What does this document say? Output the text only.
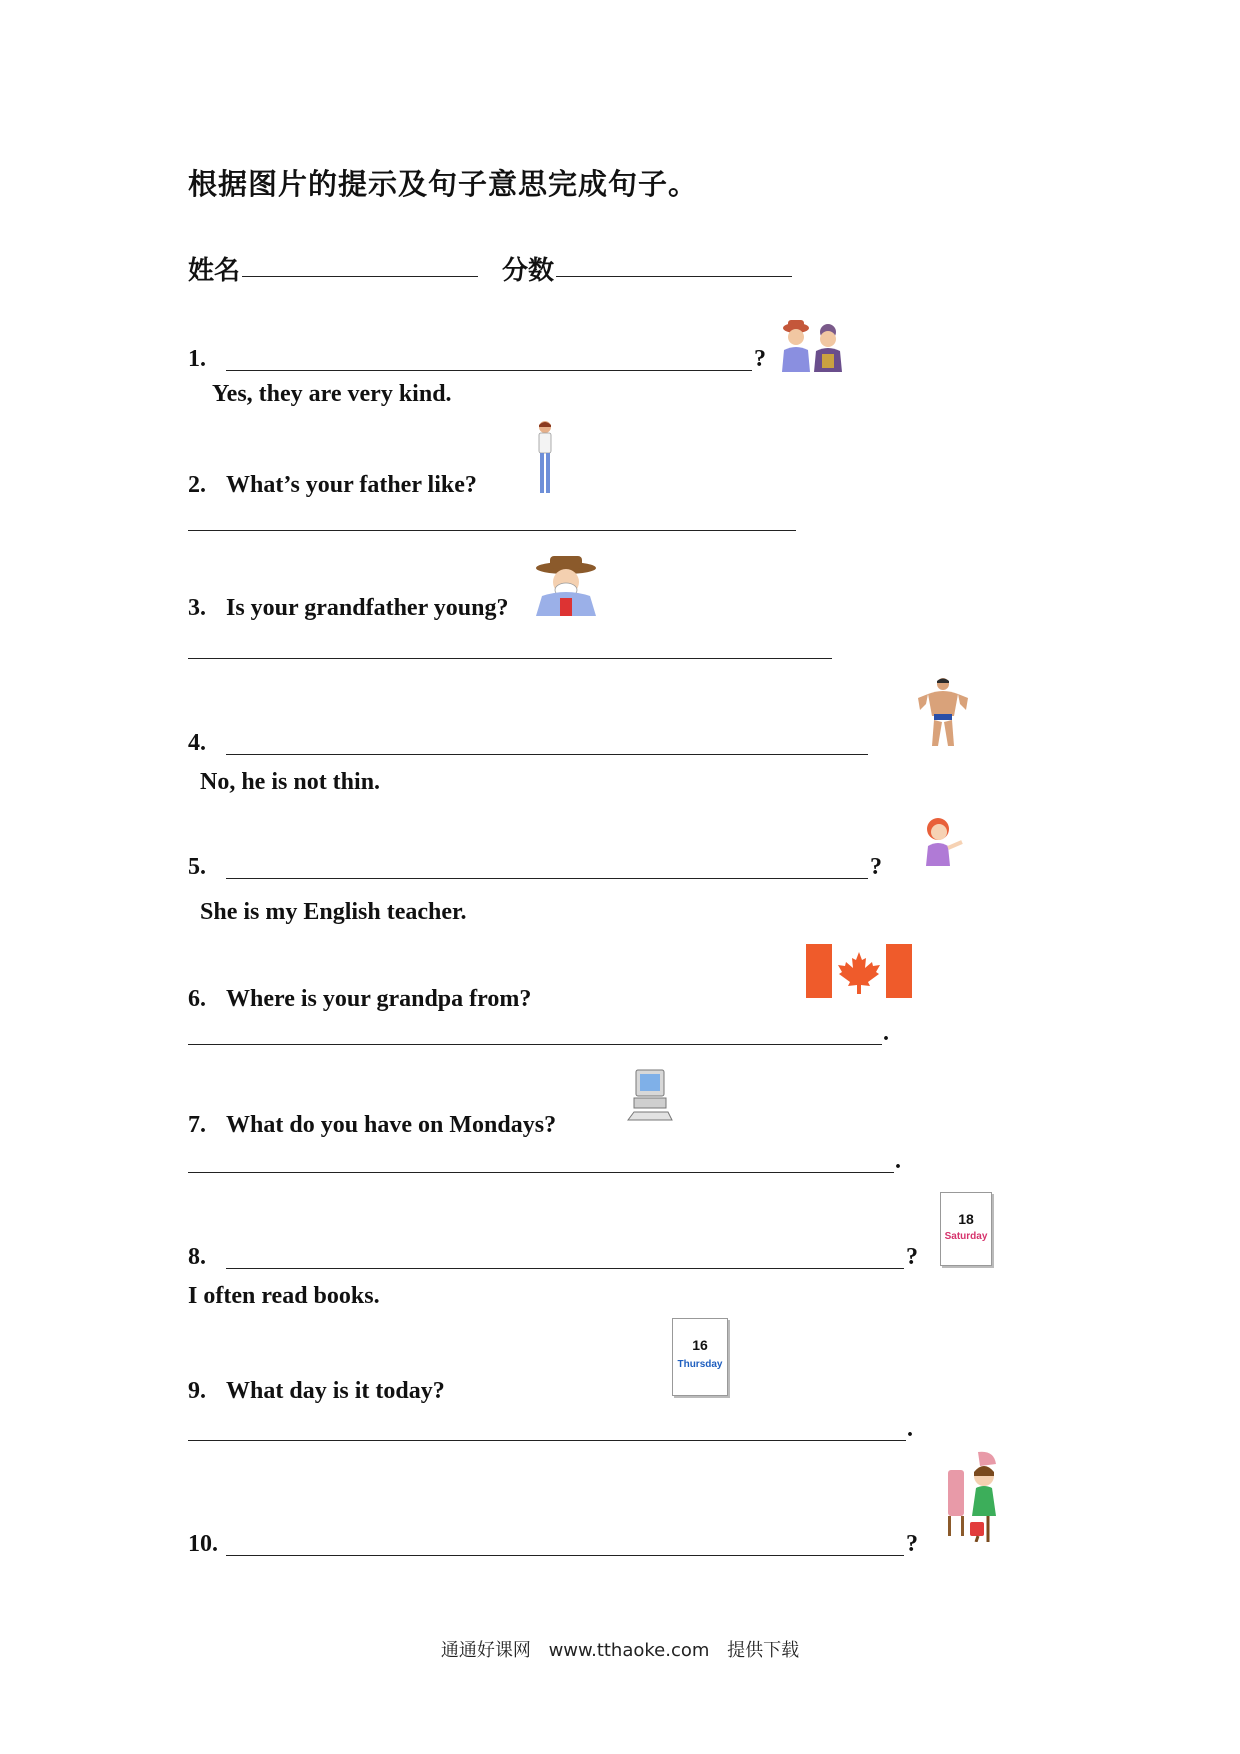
根据图片的提示及句子意思完成句子。
姓名	分数
1.	?
Yes, they are very kind.
2. What’s your father like?
3. Is your grandfather young?
4.
No, he is not thin.
5.	?
She is my English teacher.
6. Where is your grandpa from?
.
7. What do you have on Mondays?
.
8.	?
I often read books.
18
Saturday
9. What day is it today?
16
Thursday
.
10.	?
通通好课网 www.tthaoke.com 提供下载
